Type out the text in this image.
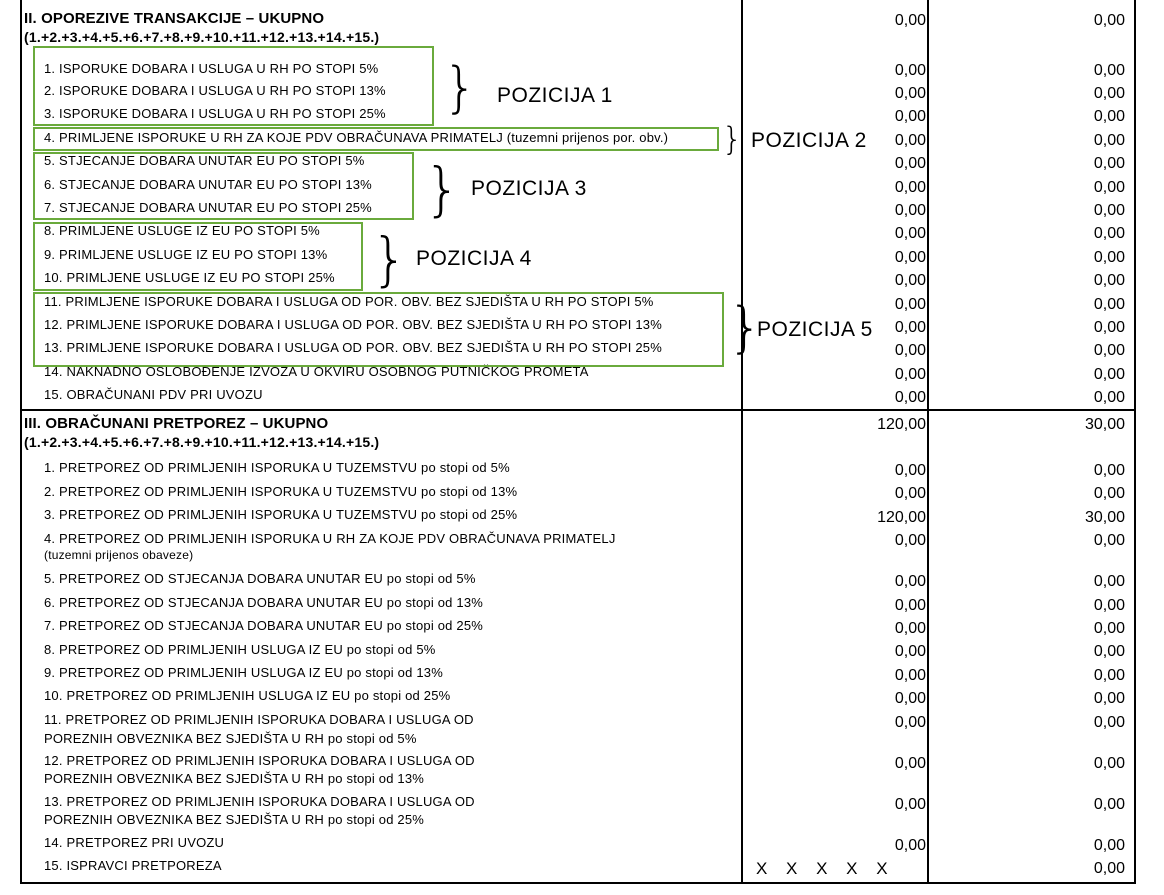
II. OPOREZIVE TRANSAKCIJE – UKUPNO
(1.+2.+3.+4.+5.+6.+7.+8.+9.+10.+11.+12.+13.+14.+15.)
0,00	0,00
1. ISPORUKE DOBARA I USLUGA U RH PO STOPI 5%	0,00	0,00
2. ISPORUKE DOBARA I USLUGA U RH PO STOPI 13%	0,00	0,00
3. ISPORUKE DOBARA I USLUGA U RH PO STOPI 25%	0,00	0,00
4. PRIMLJENE ISPORUKE U RH ZA KOJE PDV OBRAČUNAVA PRIMATELJ (tuzemni prijenos por. obv.)	0,00	0,00
5. STJECANJE DOBARA UNUTAR EU PO STOPI 5%	0,00	0,00
6. STJECANJE DOBARA UNUTAR EU PO STOPI 13%	0,00	0,00
7. STJECANJE DOBARA UNUTAR EU PO STOPI 25%	0,00	0,00
8. PRIMLJENE USLUGE IZ EU PO STOPI 5%	0,00	0,00
9. PRIMLJENE USLUGE IZ EU PO STOPI 13%	0,00	0,00
10. PRIMLJENE USLUGE IZ EU PO STOPI 25%	0,00	0,00
11. PRIMLJENE ISPORUKE DOBARA I USLUGA OD POR. OBV. BEZ SJEDIŠTA U RH PO STOPI 5%	0,00	0,00
12. PRIMLJENE ISPORUKE DOBARA I USLUGA OD POR. OBV. BEZ SJEDIŠTA U RH PO STOPI 13%	0,00	0,00
13. PRIMLJENE ISPORUKE DOBARA I USLUGA OD POR. OBV. BEZ SJEDIŠTA U RH PO STOPI 25%	0,00	0,00
14. NAKNADNO OSLOBOĐENJE IZVOZA U OKVIRU OSOBNOG PUTNIČKOG PROMETA	0,00	0,00
15. OBRAČUNANI PDV PRI UVOZU	0,00	0,00
} POZICIJA 1
} POZICIJA 2
} POZICIJA 3
} POZICIJA 4
}
POZICIJA 5
III. OBRAČUNANI PRETPOREZ – UKUPNO
(1.+2.+3.+4.+5.+6.+7.+8.+9.+10.+11.+12.+13.+14.+15.)
120,00	30,00
1. PRETPOREZ OD PRIMLJENIH ISPORUKA U TUZEMSTVU po stopi od 5%	0,00	0,00
2. PRETPOREZ OD PRIMLJENIH ISPORUKA U TUZEMSTVU po stopi od 13%	0,00	0,00
3. PRETPOREZ OD PRIMLJENIH ISPORUKA U TUZEMSTVU po stopi od 25%	120,00	30,00
4. PRETPOREZ OD PRIMLJENIH ISPORUKA U RH ZA KOJE PDV OBRAČUNAVA PRIMATELJ
(tuzemni prijenos obaveze)
0,00	0,00
5. PRETPOREZ OD STJECANJA DOBARA UNUTAR EU po stopi od 5%	0,00	0,00
6. PRETPOREZ OD STJECANJA DOBARA UNUTAR EU po stopi od 13%	0,00	0,00
7. PRETPOREZ OD STJECANJA DOBARA UNUTAR EU po stopi od 25%	0,00	0,00
8. PRETPOREZ OD PRIMLJENIH USLUGA IZ EU po stopi od 5%	0,00	0,00
9. PRETPOREZ OD PRIMLJENIH USLUGA IZ EU po stopi od 13%	0,00	0,00
10. PRETPOREZ OD PRIMLJENIH USLUGA IZ EU po stopi od 25%	0,00	0,00
11. PRETPOREZ OD PRIMLJENIH ISPORUKA DOBARA I USLUGA OD
POREZNIH OBVEZNIKA BEZ SJEDIŠTA U RH po stopi od 5%
0,00	0,00
12. PRETPOREZ OD PRIMLJENIH ISPORUKA DOBARA I USLUGA OD
POREZNIH OBVEZNIKA BEZ SJEDIŠTA U RH po stopi od 13%
0,00	0,00
13. PRETPOREZ OD PRIMLJENIH ISPORUKA DOBARA I USLUGA OD
POREZNIH OBVEZNIKA BEZ SJEDIŠTA U RH po stopi od 25%
0,00	0,00
14. PRETPOREZ PRI UVOZU	0,00	0,00
15. ISPRAVCI PRETPOREZA	X X X X X	0,00
